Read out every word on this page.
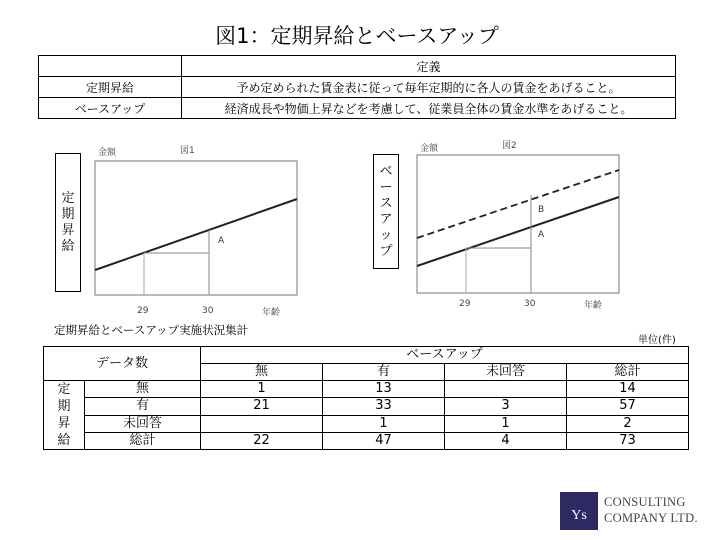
図1：定期昇給とベースアップ
	定義
定期昇給	予め定められた賃金表に従って毎年定期的に各人の賃金をあげること。
ベースアップ	経済成長や物価上昇などを考慮して、従業員全体の賃金水準をあげること。
定期昇給
金額	図1
A
29	30	年齢
ベースアップ
金額	図2
B
A
29	30	年齢
定期昇給とベースアップ実施状況集計
単位(件)
データ数		ベースアップ			
		無	有	未回答	総計

定
期
昇
給	無	1	13		14
	有	21	33	3	57
	未回答		1	1	2
	総計	22	47	4	73
Ys
CONSULTING
COMPANY LTD.
